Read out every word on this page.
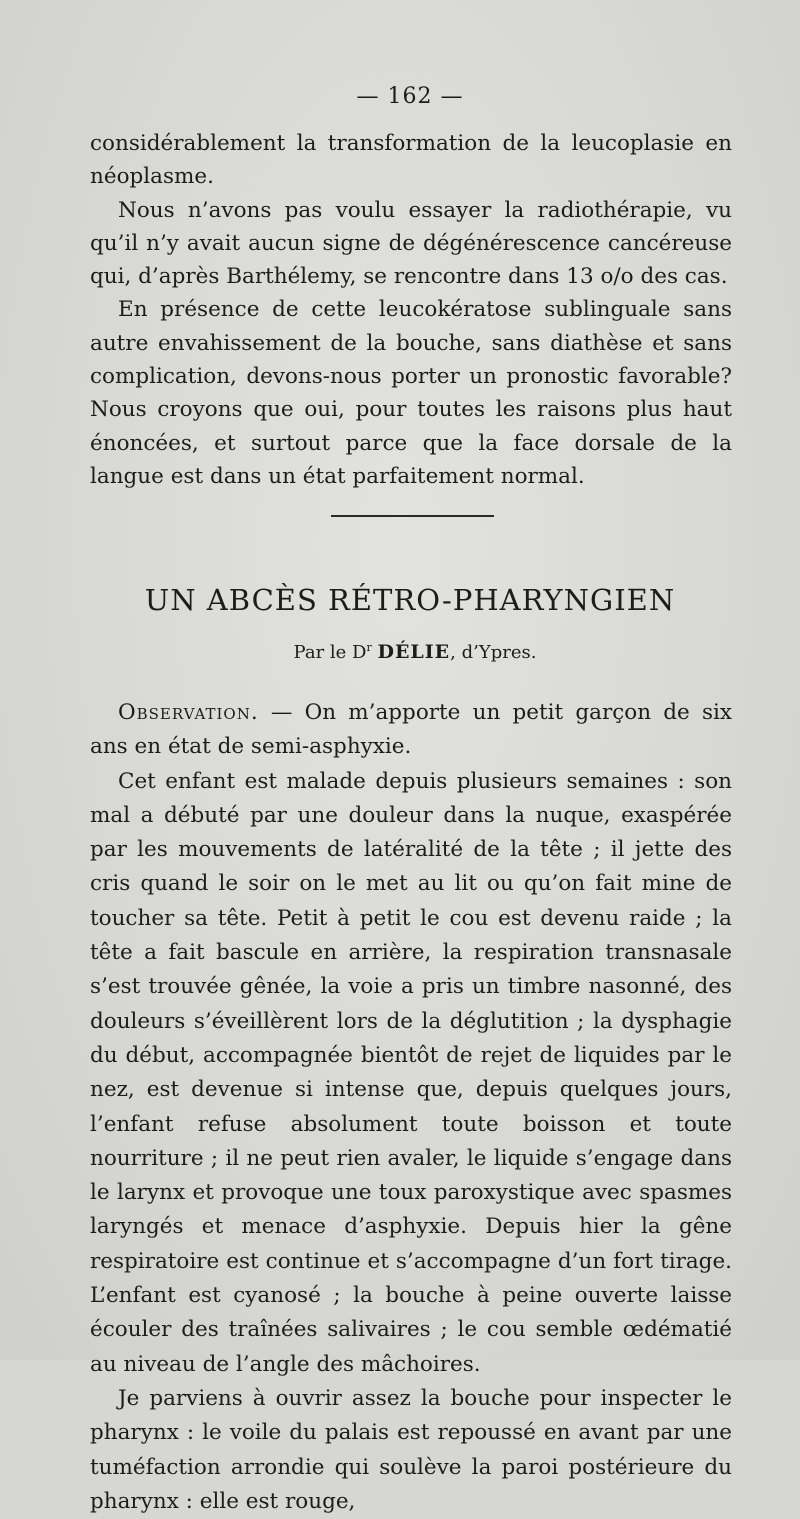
— 162 —

considérablement la transformation de la leucoplasie en néoplasme.

Nous n’avons pas voulu essayer la radiothérapie, vu qu’il n’y avait aucun signe de dégénérescence cancéreuse qui, d’après Barthélemy, se rencontre dans 13 o/o des cas.

En présence de cette leucokératose sublinguale sans autre envahissement de la bouche, sans diathèse et sans complication, devons-nous porter un pronostic favorable? Nous croyons que oui, pour toutes les raisons plus haut énoncées, et surtout parce que la face dorsale de la langue est dans un état parfaitement normal.

UN ABCÈS RÉTRO-PHARYNGIEN
Par le $D^r$ DÉLIE, d’Ypres.

Observation. — On m’apporte un petit garçon de six ans en état de semi-asphyxie.

Cet enfant est malade depuis plusieurs semaines : son mal a débuté par une douleur dans la nuque, exaspérée par les mouvements de latéralité de la tête ; il jette des cris quand le soir on le met au lit ou qu’on fait mine de toucher sa tête. Petit à petit le cou est devenu raide ; la tête a fait bascule en arrière, la respiration transnasale s’est trouvée gênée, la voie a pris un timbre nasonné, des douleurs s’éveillèrent lors de la déglutition ; la dysphagie du début, accompagnée bientôt de rejet de liquides par le nez, est devenue si intense que, depuis quelques jours, l’enfant refuse absolument toute boisson et toute nourriture ; il ne peut rien avaler, le liquide s’engage dans le larynx et provoque une toux paroxystique avec spasmes laryngés et menace d’asphyxie. Depuis hier la gêne respiratoire est continue et s’accompagne d’un fort tirage. L’enfant est cyanosé ; la bouche à peine ouverte laisse écouler des traînées salivaires ; le cou semble œdématié au niveau de l’angle des mâchoires.

Je parviens à ouvrir assez la bouche pour inspecter le pharynx : le voile du palais est repoussé en avant par une tuméfaction arrondie qui soulève la paroi postérieure du pharynx : elle est rouge,
